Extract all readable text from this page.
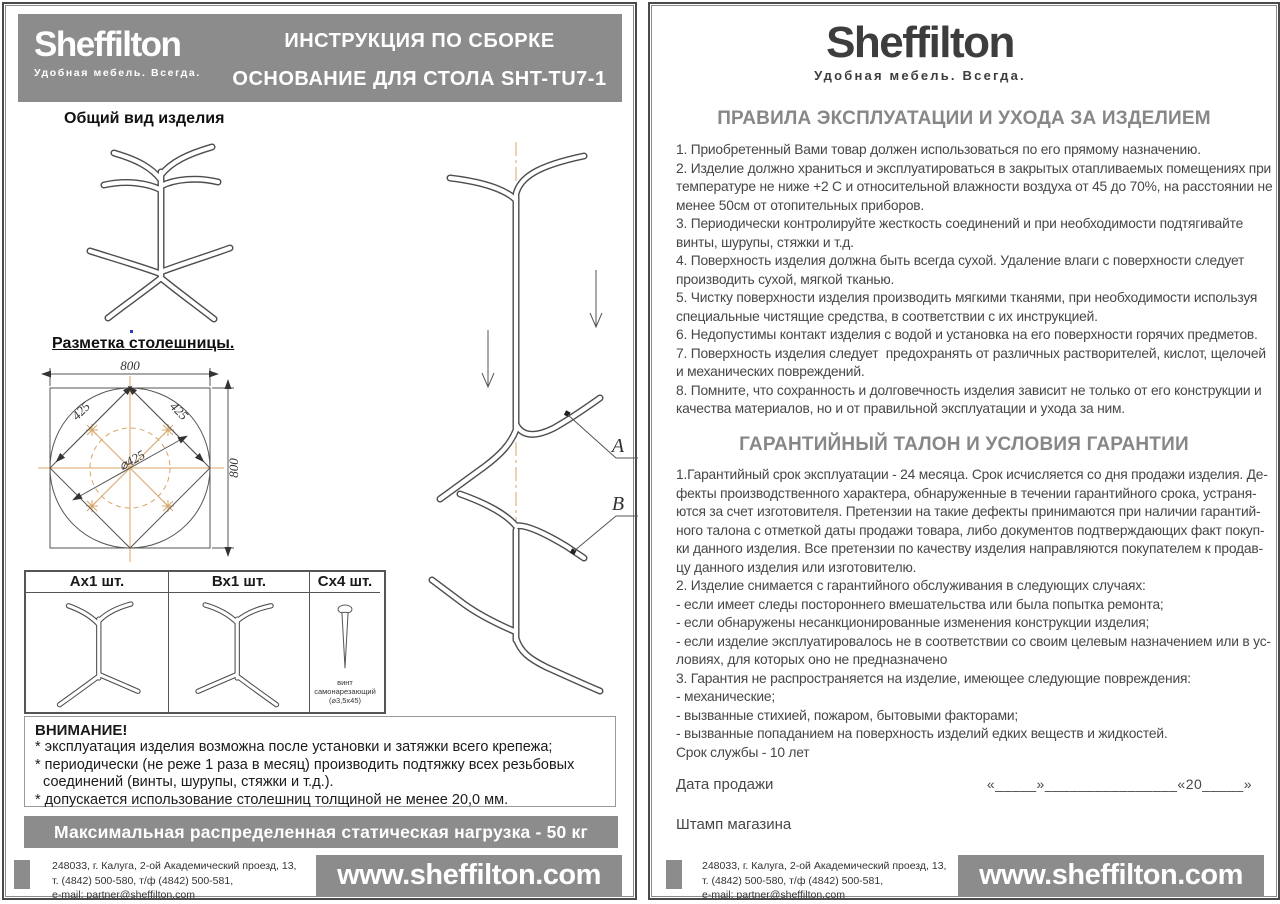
Sheffilton
Удобная мебель. Всегда.
ИНСТРУКЦИЯ ПО СБОРКЕ
ОСНОВАНИЕ ДЛЯ СТОЛА SHT-TU7-1
Общий вид изделия
Разметка столешницы.
800
800
425	425
⌀425
Ах1 шт.	Вх1 шт.	Сх4 шт.
винт
самонарезающий
(⌀3,5х45)
A
B
ВНИМАНИЕ!
* эксплуатация изделия возможна после установки и затяжки всего крепежа;
* периодически (не реже 1 раза в месяц) производить подтяжку всех резьбовых
соединений (винты, шурупы, стяжки и т.д.).
* допускается использование столешниц толщиной не менее 20,0 мм.
Максимальная распределенная статическая нагрузка - 50 кг
248033, г. Калуга, 2-ой Академический проезд, 13,
т. (4842) 500-580, т/ф (4842) 500-581,
e-mail: partner@sheffilton.com
www.sheffilton.com
Sheffilton
Удобная мебель. Всегда.
ПРАВИЛА ЭКСПЛУАТАЦИИ И УХОДА ЗА ИЗДЕЛИЕМ
1. Приобретенный Вами товар должен использоваться по его прямому назначению.
2. Изделие должно храниться и эксплуатироваться в закрытых отапливаемых помещениях при
температуре не ниже +2 С и относительной влажности воздуха от 45 до 70%, на расстоянии не
менее 50см от отопительных приборов.
3. Периодически контролируйте жесткость соединений и при необходимости подтягивайте
винты, шурупы, стяжки и т.д.
4. Поверхность изделия должна быть всегда сухой. Удаление влаги с поверхности следует
производить сухой, мягкой тканью.
5. Чистку поверхности изделия производить мягкими тканями, при необходимости используя
специальные чистящие средства, в соответствии с их инструкцией.
6. Недопустимы контакт изделия с водой и установка на его поверхности горячих предметов.
7. Поверхность изделия следует  предохранять от различных растворителей, кислот, щелочей
и механических повреждений.
8. Помните, что сохранность и долговечность изделия зависит не только от его конструкции и
качества материалов, но и от правильной эксплуатации и ухода за ним.
ГАРАНТИЙНЫЙ ТАЛОН И УСЛОВИЯ ГАРАНТИИ
1.Гарантийный срок эксплуатации - 24 месяца. Срок исчисляется со дня продажи изделия. Де-
фекты производственного характера, обнаруженные в течении гарантийного срока, устраня-
ются за счет изготовителя. Претензии на такие дефекты принимаются при наличии гарантий-
ного талона с отметкой даты продажи товара, либо документов подтверждающих факт покуп-
ки данного изделия. Все претензии по качеству изделия направляются покупателем к продав-
цу данного изделия или изготовителю.
2. Изделие снимается с гарантийного обслуживания в следующих случаях:
- если имеет следы постороннего вмешательства или была попытка ремонта;
- если обнаружены несанкционированные изменения конструкции изделия;
- если изделие эксплуатировалось не в соответствии со своим целевым назначением или в ус-
ловиях, для которых оно не предназначено
3. Гарантия не распространяется на изделие, имеющее следующие повреждения:
- механические;
- вызванные стихией, пожаром, бытовыми факторами;
- вызванные попаданием на поверхность изделий едких веществ и жидкостей.
Срок службы - 10 лет
Дата продажи	«_____»________________«20_____»
Штамп магазина
248033, г. Калуга, 2-ой Академический проезд, 13,
т. (4842) 500-580, т/ф (4842) 500-581,
e-mail: partner@sheffilton.com
www.sheffilton.com
